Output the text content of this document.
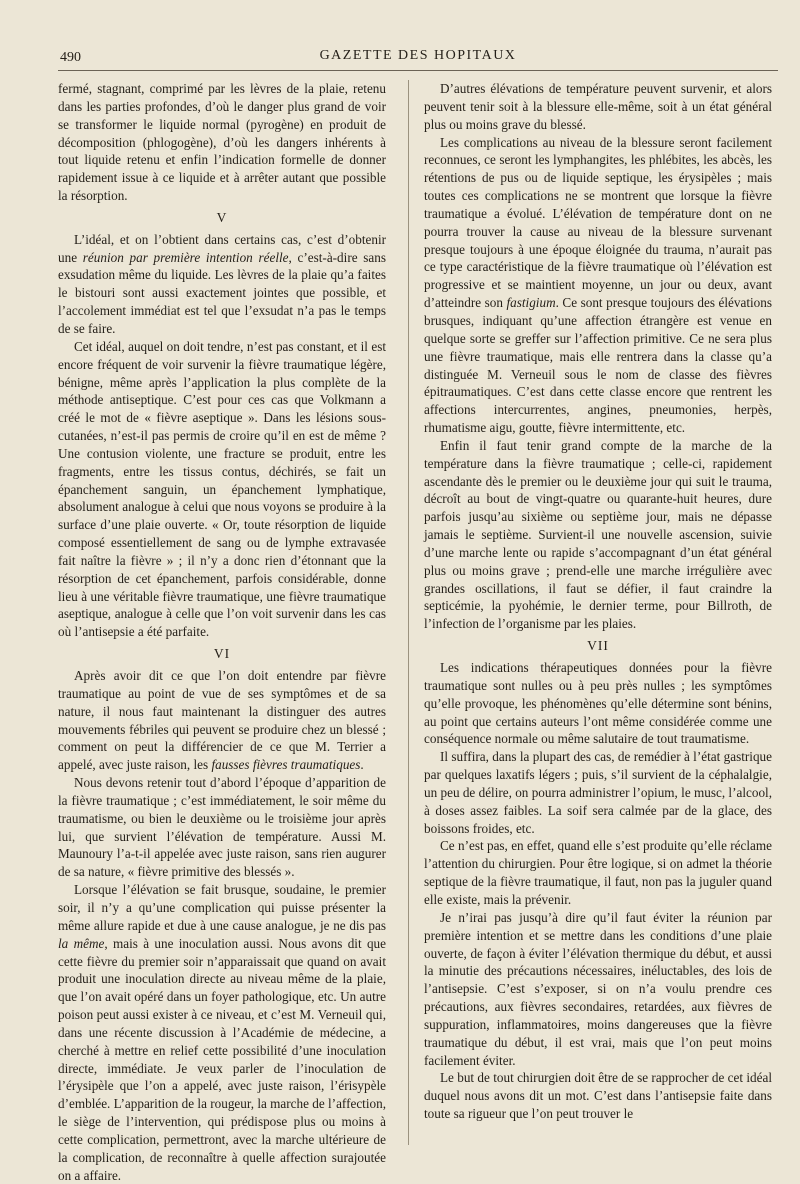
490	GAZETTE DES HOPITAUX

fermé, stagnant, comprimé par les lèvres de la plaie, retenu dans les parties profondes, d’où le danger plus grand de voir se transformer le liquide normal (pyrogène) en produit de décomposition (phlogogène), d’où les dangers inhérents à tout liquide retenu et enfin l’indication formelle de donner rapidement issue à ce liquide et à arrêter autant que possible la résorption.

V

L’idéal, et on l’obtient dans certains cas, c’est d’obtenir une réunion par première intention réelle, c’est-à-dire sans exsudation même du liquide. Les lèvres de la plaie qu’a faites le bistouri sont aussi exactement jointes que possible, et l’accolement immédiat est tel que l’exsudat n’a pas le temps de se faire.

Cet idéal, auquel on doit tendre, n’est pas constant, et il est encore fréquent de voir survenir la fièvre traumatique légère, bénigne, même après l’application la plus complète de la méthode antiseptique. C’est pour ces cas que Volkmann a créé le mot de « fièvre aseptique ». Dans les lésions sous-cutanées, n’est-il pas permis de croire qu’il en est de même ? Une contusion violente, une fracture se produit, entre les fragments, entre les tissus contus, déchirés, se fait un épanchement sanguin, un épanchement lymphatique, absolument analogue à celui que nous voyons se produire à la surface d’une plaie ouverte. « Or, toute résorption de liquide composé essentiellement de sang ou de lymphe extravasée fait naître la fièvre » ; il n’y a donc rien d’étonnant que la résorption de cet épanchement, parfois considérable, donne lieu à une véritable fièvre traumatique, une fièvre traumatique aseptique, analogue à celle que l’on voit survenir dans les cas où l’antisepsie a été parfaite.

VI

Après avoir dit ce que l’on doit entendre par fièvre traumatique au point de vue de ses symptômes et de sa nature, il nous faut maintenant la distinguer des autres mouvements fébriles qui peuvent se produire chez un blessé ; comment on peut la différencier de ce que M. Terrier a appelé, avec juste raison, les fausses fièvres traumatiques.

Nous devons retenir tout d’abord l’époque d’apparition de la fièvre traumatique ; c’est immédiatement, le soir même du traumatisme, ou bien le deuxième ou le troisième jour après lui, que survient l’élévation de température. Aussi M. Maunoury l’a-t-il appelée avec juste raison, sans rien augurer de sa nature, « fièvre primitive des blessés ».

Lorsque l’élévation se fait brusque, soudaine, le premier soir, il n’y a qu’une complication qui puisse présenter la même allure rapide et due à une cause analogue, je ne dis pas la même, mais à une inoculation aussi. Nous avons dit que cette fièvre du premier soir n’apparaissait que quand on avait produit une inoculation directe au niveau même de la plaie, que l’on avait opéré dans un foyer pathologique, etc. Un autre poison peut aussi exister à ce niveau, et c’est M. Verneuil qui, dans une récente discussion à l’Académie de médecine, a cherché à mettre en relief cette possibilité d’une inoculation directe, immédiate. Je veux parler de l’inoculation de l’érysipèle que l’on a appelé, avec juste raison, l’érisypèle d’emblée. L’apparition de la rougeur, la marche de l’affection, le siège de l’intervention, qui prédispose plus ou moins à cette complication, permettront, avec la marche ultérieure de la complication, de reconnaître à quelle affection surajoutée on a affaire.

D’autres élévations de température peuvent survenir, et alors peuvent tenir soit à la blessure elle-même, soit à un état général plus ou moins grave du blessé.

Les complications au niveau de la blessure seront facilement reconnues, ce seront les lymphangites, les phlébites, les abcès, les rétentions de pus ou de liquide septique, les érysipèles ; mais toutes ces complications ne se montrent que lorsque la fièvre traumatique a évolué. L’élévation de température dont on ne pourra trouver la cause au niveau de la blessure survenant presque toujours à une époque éloignée du trauma, n’aurait pas ce type caractéristique de la fièvre traumatique où l’élévation est progressive et se maintient moyenne, un jour ou deux, avant d’atteindre son fastigium. Ce sont presque toujours des élévations brusques, indiquant qu’une affection étrangère est venue en quelque sorte se greffer sur l’affection primitive. Ce ne sera plus une fièvre traumatique, mais elle rentrera dans la classe qu’a distinguée M. Verneuil sous le nom de classe des fièvres épitraumatiques. C’est dans cette classe encore que rentrent les affections intercurrentes, angines, pneumonies, herpès, rhumatisme aigu, goutte, fièvre intermittente, etc.

Enfin il faut tenir grand compte de la marche de la température dans la fièvre traumatique ; celle-ci, rapidement ascendante dès le premier ou le deuxième jour qui suit le trauma, décroît au bout de vingt-quatre ou quarante-huit heures, dure parfois jusqu’au sixième ou septième jour, mais ne dépasse jamais le septième. Survient-il une nouvelle ascension, suivie d’une marche lente ou rapide s’accompagnant d’un état général plus ou moins grave ; prend-elle une marche irrégulière avec grandes oscillations, il faut se défier, il faut craindre la septicémie, la pyohémie, le dernier terme, pour Billroth, de l’infection de l’organisme par les plaies.

VII

Les indications thérapeutiques données pour la fièvre traumatique sont nulles ou à peu près nulles ; les symptômes qu’elle provoque, les phénomènes qu’elle détermine sont bénins, au point que certains auteurs l’ont même considérée comme une conséquence normale ou même salutaire de tout traumatisme.

Il suffira, dans la plupart des cas, de remédier à l’état gastrique par quelques laxatifs légers ; puis, s’il survient de la céphalalgie, un peu de délire, on pourra administrer l’opium, le musc, l’alcool, à doses assez faibles. La soif sera calmée par de la glace, des boissons froides, etc.

Ce n’est pas, en effet, quand elle s’est produite qu’elle réclame l’attention du chirurgien. Pour être logique, si on admet la théorie septique de la fièvre traumatique, il faut, non pas la juguler quand elle existe, mais la prévenir.

Je n’irai pas jusqu’à dire qu’il faut éviter la réunion par première intention et se mettre dans les conditions d’une plaie ouverte, de façon à éviter l’élévation thermique du début, et aussi la minutie des précautions nécessaires, inéluctables, des lois de l’antisepsie. C’est s’exposer, si on n’a voulu prendre ces précautions, aux fièvres secondaires, retardées, aux fièvres de suppuration, inflammatoires, moins dangereuses que la fièvre traumatique du début, il est vrai, mais que l’on peut moins facilement éviter.

Le but de tout chirurgien doit être de se rapprocher de cet idéal duquel nous avons dit un mot. C’est dans l’antisepsie faite dans toute sa rigueur que l’on peut trouver le
